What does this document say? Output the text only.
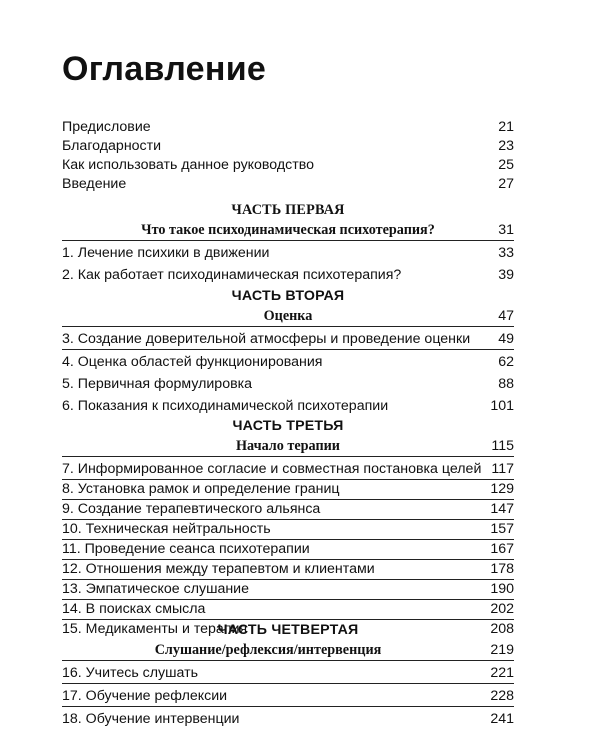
Оглавление
Предисловие	21
Благодарности	23
Как использовать данное руководство	25
Введение	27
ЧАСТЬ ПЕРВАЯ
Что такое психодинамическая психотерапия?	31
1. Лечение психики в движении	33
2. Как работает психодинамическая психотерапия?	39
ЧАСТЬ ВТОРАЯ
Оценка	47
3. Создание доверительной атмосферы и проведение оценки 49
4. Оценка областей функционирования	62
5. Первичная формулировка	88
6. Показания к психодинамической психотерапии	101
ЧАСТЬ ТРЕТЬЯ
Начало терапии	115
7. Информированное согласие и совместная постановка целей 117
8. Установка рамок и определение границ	129
9. Создание терапевтического альянса	147
10. Техническая нейтральность	157
11. Проведение сеанса психотерапии	167
12. Отношения между терапевтом и клиентами	178
13. Эмпатическое слушание	190
14. В поисках смысла	202
15. Медикаменты и терапия	208
ЧАСТЬ ЧЕТВЕРТАЯ
Слушание/рефлексия/интервенция	219
16. Учитесь слушать	221
17. Обучение рефлексии	228
18. Обучение интервенции	241
